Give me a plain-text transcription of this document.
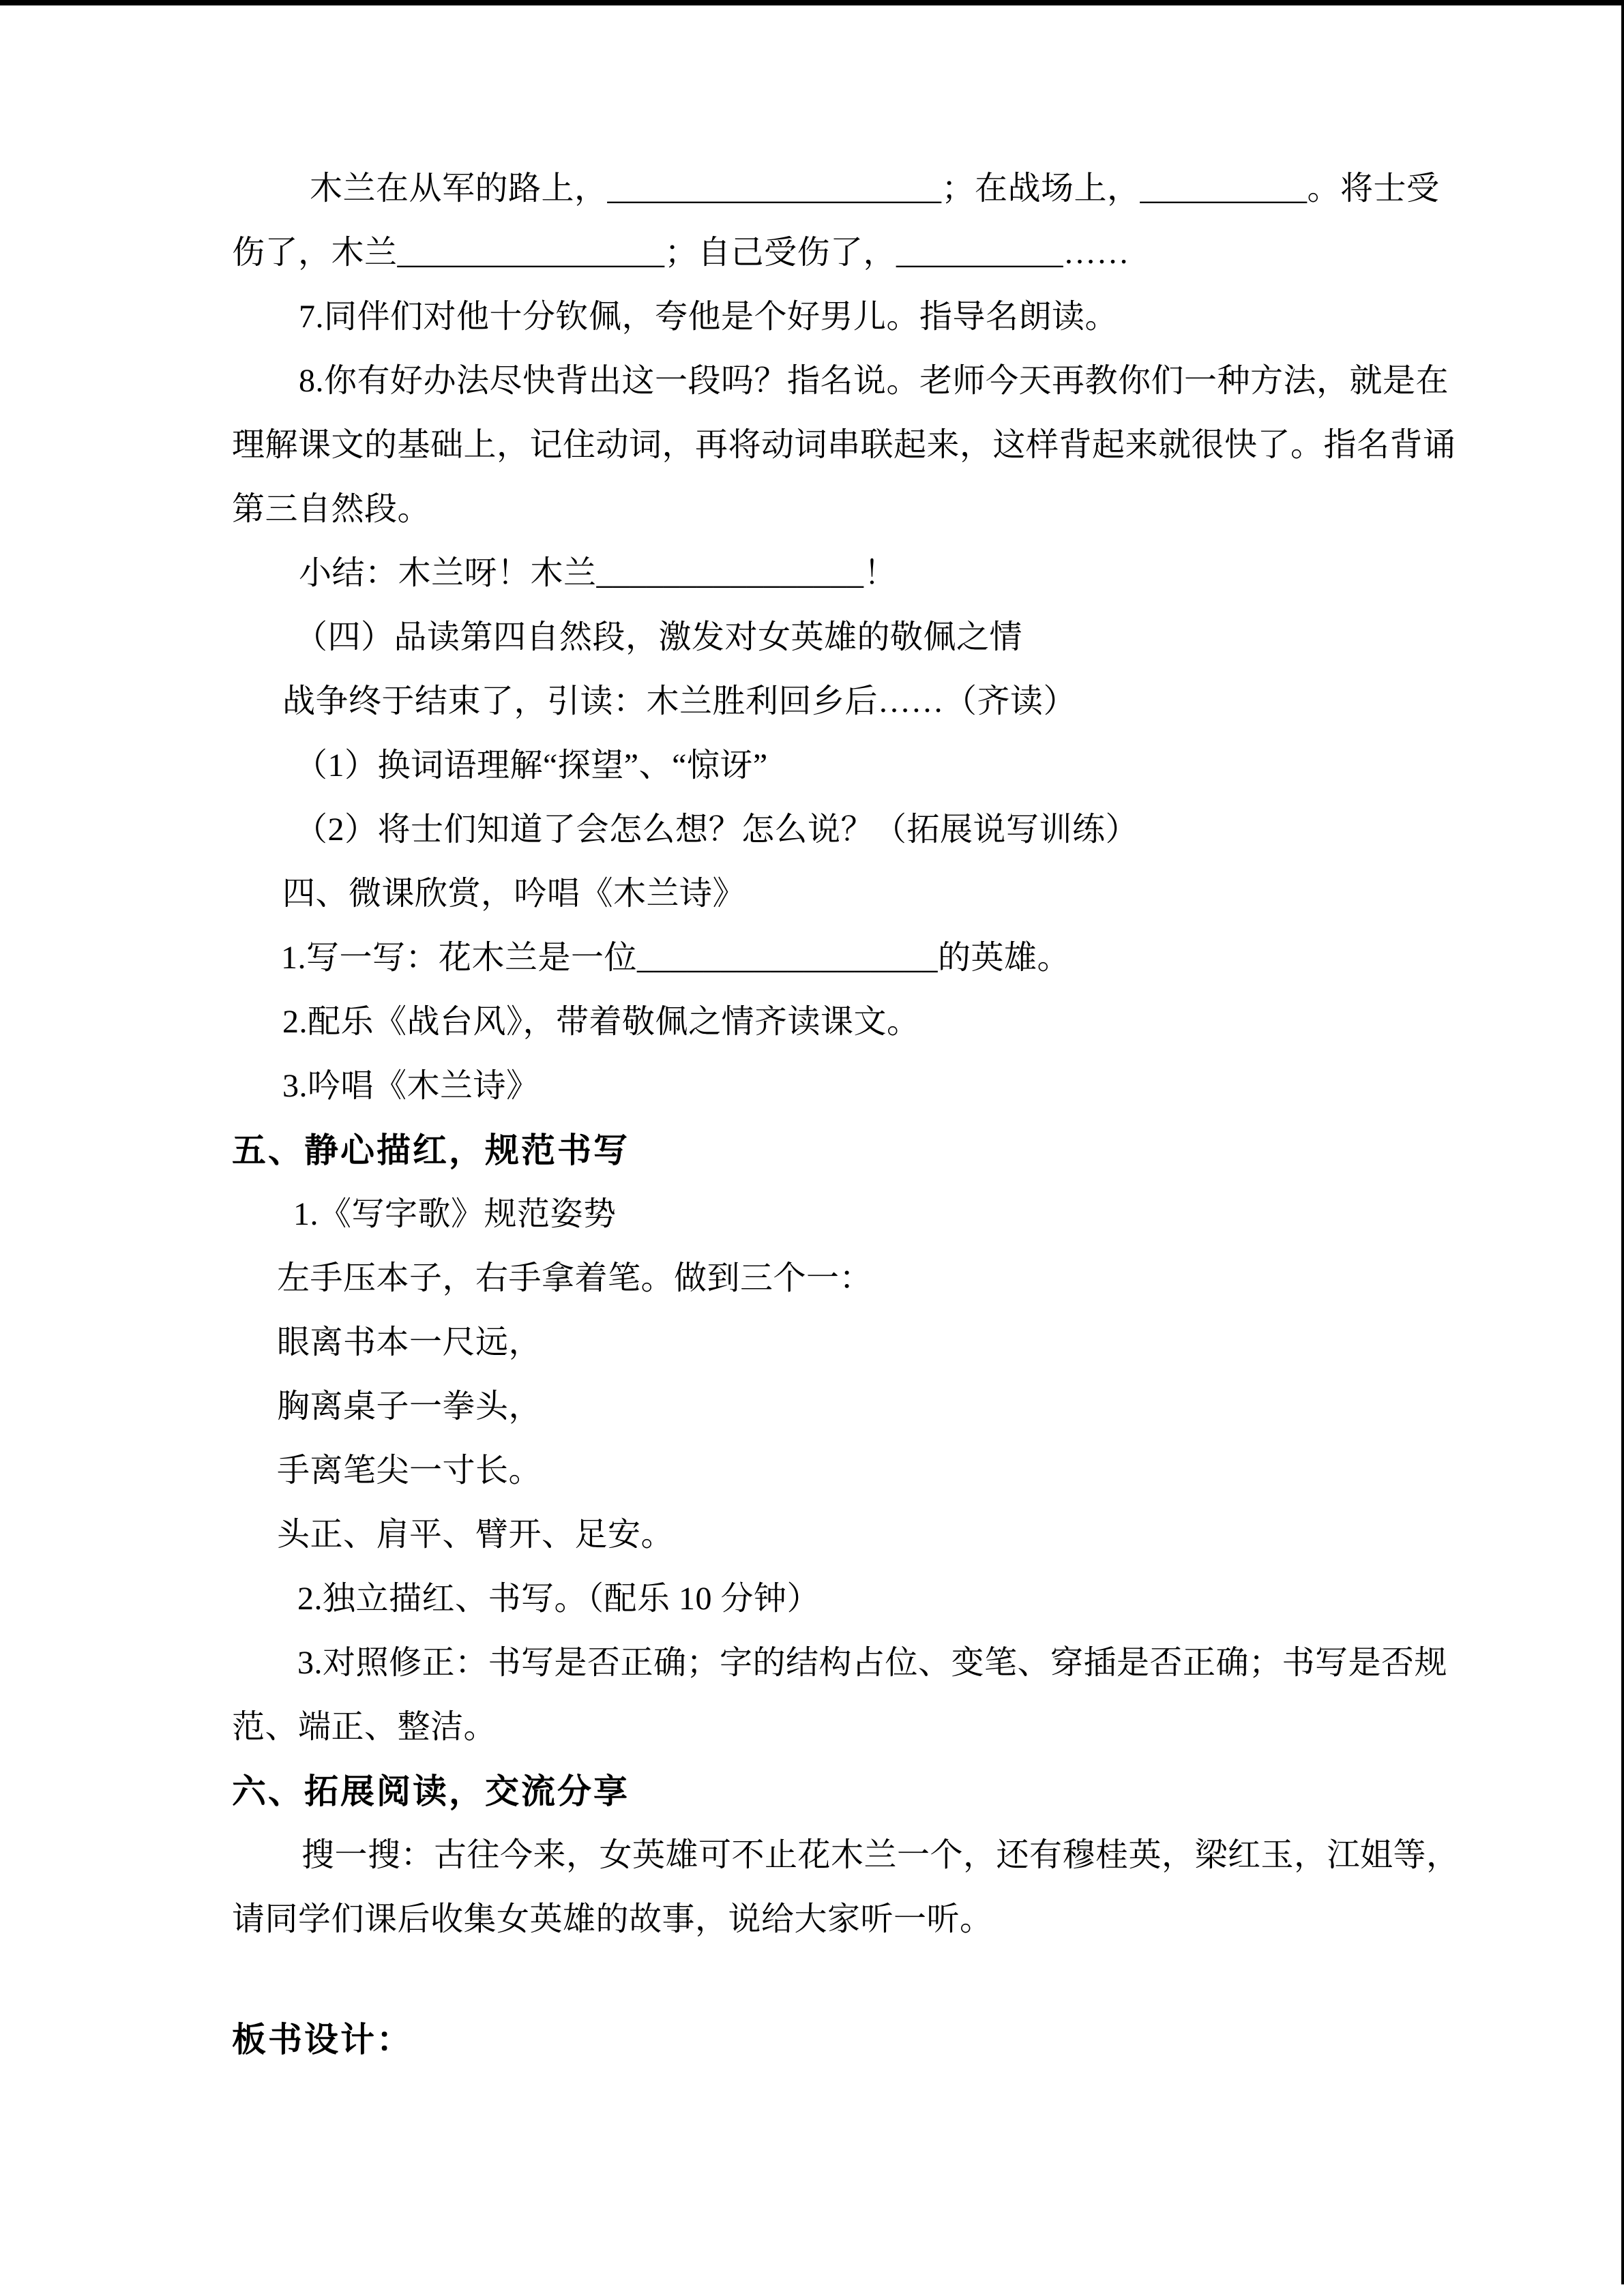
木兰在从军的路上，____________________；在战场上，__________。将士受

伤了，木兰________________；自己受伤了，__________……

7.同伴们对他十分钦佩，夸他是个好男儿。指导名朗读。

8.你有好办法尽快背出这一段吗？指名说。老师今天再教你们一种方法，就是在

理解课文的基础上，记住动词，再将动词串联起来，这样背起来就很快了。指名背诵

第三自然段。

小结：木兰呀！木兰________________！

（四）品读第四自然段，激发对女英雄的敬佩之情

战争终于结束了，引读：木兰胜利回乡后……（齐读）

（1）换词语理解“探望”、“惊讶”

（2）将士们知道了会怎么想？怎么说？（拓展说写训练）

四、微课欣赏，吟唱《木兰诗》

1.写一写：花木兰是一位__________________的英雄。

2.配乐《战台风》，带着敬佩之情齐读课文。

3.吟唱《木兰诗》

五、静心描红，规范书写

1.《写字歌》规范姿势

左手压本子，右手拿着笔。做到三个一：

眼离书本一尺远，

胸离桌子一拳头，

手离笔尖一寸长。

头正、肩平、臂开、足安。

2.独立描红、书写。（配乐 10 分钟）

3.对照修正：书写是否正确；字的结构占位、变笔、穿插是否正确；书写是否规

范、端正、整洁。

六、拓展阅读，交流分享

搜一搜：古往今来，女英雄可不止花木兰一个，还有穆桂英，梁红玉，江姐等，

请同学们课后收集女英雄的故事，说给大家听一听。

板书设计：
